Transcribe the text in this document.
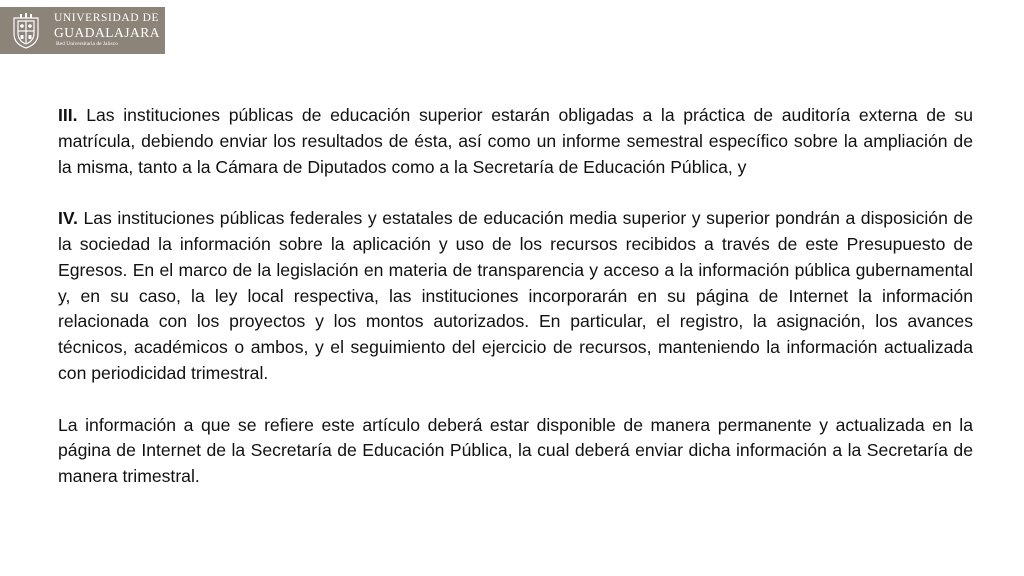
UNIVERSIDAD DE
GUADALAJARA
Red Universitaria de Jalisco

III. Las instituciones públicas de educación superior estarán obligadas a la práctica de auditoría externa de su matrícula, debiendo enviar los resultados de ésta, así como un informe semestral específico sobre la ampliación de la misma, tanto a la Cámara de Diputados como a la Secretaría de Educación Pública, y

IV. Las instituciones públicas federales y estatales de educación media superior y superior pondrán a disposición de la sociedad la información sobre la aplicación y uso de los recursos recibidos a través de este Presupuesto de Egresos. En el marco de la legislación en materia de transparencia y acceso a la información pública gubernamental y, en su caso, la ley local respectiva, las instituciones incorporarán en su página de Internet la información relacionada con los proyectos y los montos autorizados. En particular, el registro, la asignación, los avances técnicos, académicos o ambos, y el seguimiento del ejercicio de recursos, manteniendo la información actualizada con periodicidad trimestral.

La información a que se refiere este artículo deberá estar disponible de manera permanente y actualizada en la página de Internet de la Secretaría de Educación Pública, la cual deberá enviar dicha información a la Secretaría de manera trimestral.
